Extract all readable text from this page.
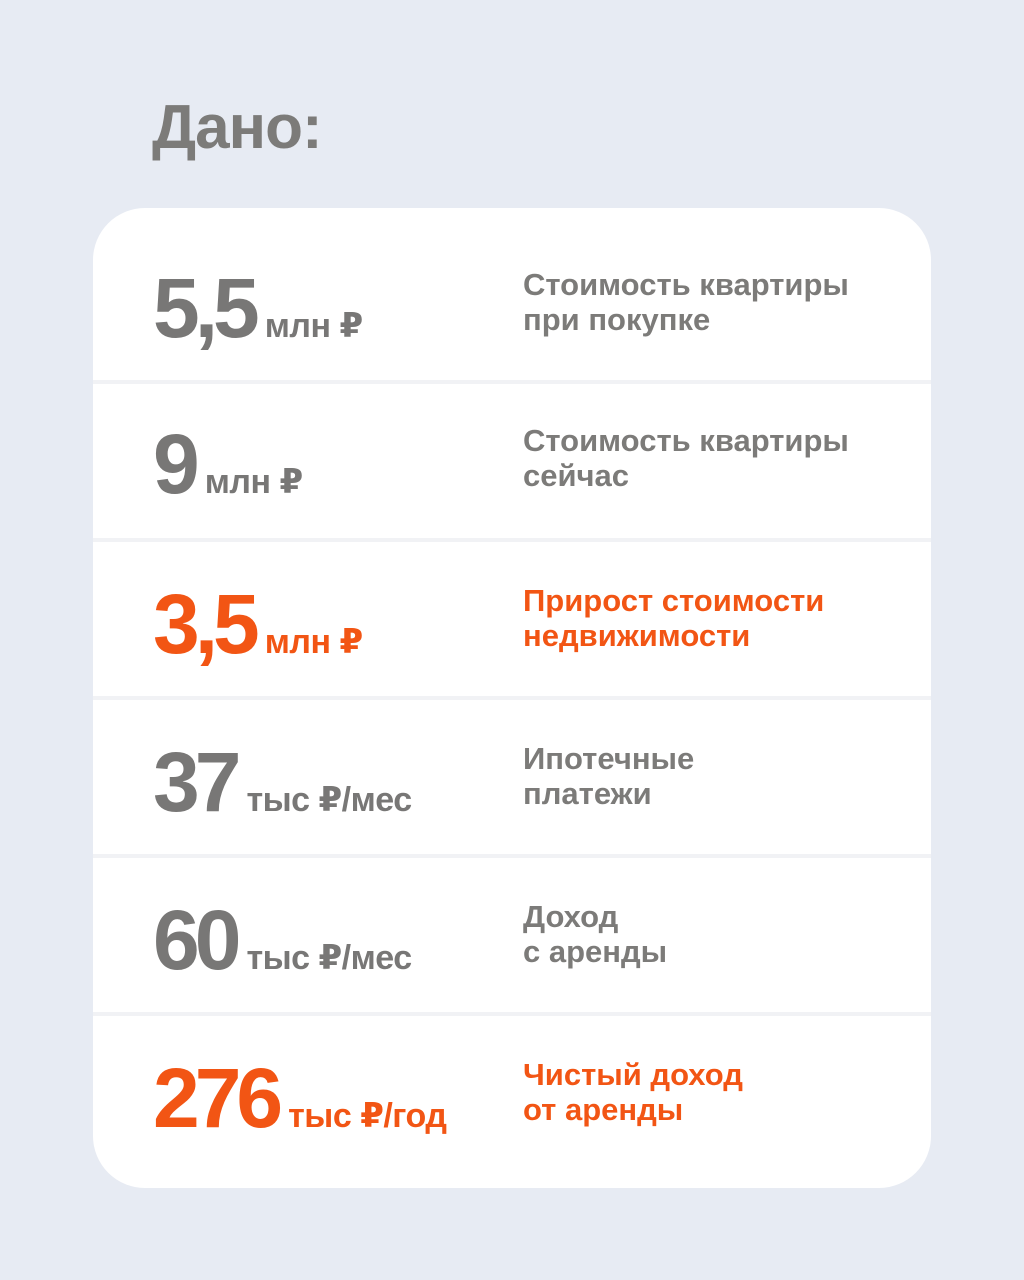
Дано:
5,5 млн ₽
Стоимость квартиры
при покупке
9 млн ₽
Стоимость квартиры
сейчас
3,5 млн ₽
Прирост стоимости
недвижимости
37 тыс ₽/мес
Ипотечные
платежи
60 тыс ₽/мес
Доход
с аренды
276 тыс ₽/год
Чистый доход
от аренды
